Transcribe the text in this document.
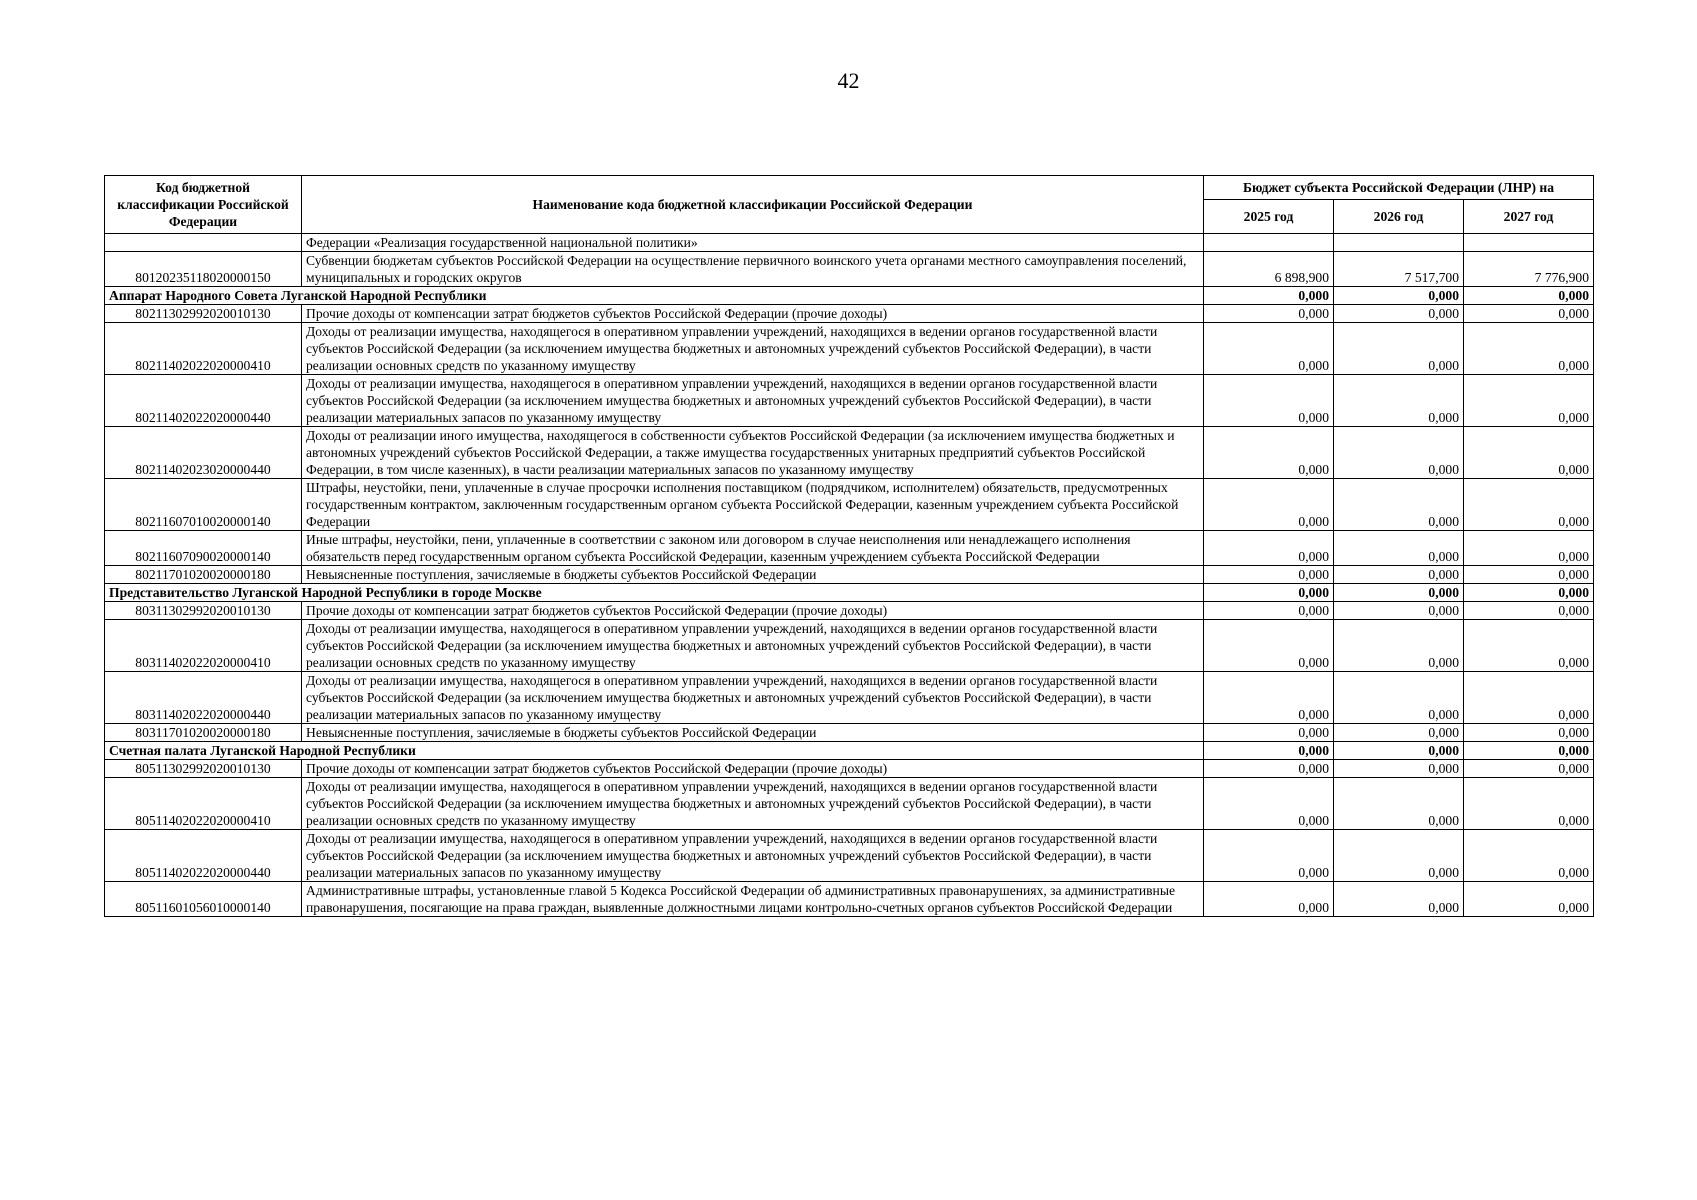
42
Код бюджетной классификации Российской Федерации	Наименование кода бюджетной классификации Российской Федерации	Бюджет субъекта Российской Федерации (ЛНР) на		
		2025 год	2026 год	2027 год
	Федерации «Реализация государственной национальной политики»			
80120235118020000150	Субвенции бюджетам субъектов Российской Федерации на осуществление первичного воинского учета органами местного самоуправления поселений, муниципальных и городских округов	6 898,900	7 517,700	7 776,900
Аппарат Народного Совета Луганской Народной Республики		0,000	0,000	0,000
80211302992020010130	Прочие доходы от компенсации затрат бюджетов субъектов Российской Федерации (прочие доходы)	0,000	0,000	0,000
80211402022020000410	Доходы от реализации имущества, находящегося в оперативном управлении учреждений, находящихся в ведении органов государственной власти субъектов Российской Федерации (за исключением имущества бюджетных и автономных учреждений субъектов Российской Федерации), в части реализации основных средств по указанному имуществу	0,000	0,000	0,000
80211402022020000440	Доходы от реализации имущества, находящегося в оперативном управлении учреждений, находящихся в ведении органов государственной власти субъектов Российской Федерации (за исключением имущества бюджетных и автономных учреждений субъектов Российской Федерации), в части реализации материальных запасов по указанному имуществу	0,000	0,000	0,000
80211402023020000440	Доходы от реализации иного имущества, находящегося в собственности субъектов Российской Федерации (за исключением имущества бюджетных и автономных учреждений субъектов Российской Федерации, а также имущества государственных унитарных предприятий субъектов Российской Федерации, в том числе казенных), в части реализации материальных запасов по указанному имуществу	0,000	0,000	0,000
80211607010020000140	Штрафы, неустойки, пени, уплаченные в случае просрочки исполнения поставщиком (подрядчиком, исполнителем) обязательств, предусмотренных государственным контрактом, заключенным государственным органом субъекта Российской Федерации, казенным учреждением субъекта Российской Федерации	0,000	0,000	0,000
80211607090020000140	Иные штрафы, неустойки, пени, уплаченные в соответствии с законом или договором в случае неисполнения или ненадлежащего исполнения обязательств перед государственным органом субъекта Российской Федерации, казенным учреждением субъекта Российской Федерации	0,000	0,000	0,000
80211701020020000180	Невыясненные поступления, зачисляемые в бюджеты субъектов Российской Федерации	0,000	0,000	0,000
Представительство Луганской Народной Республики в городе Москве		0,000	0,000	0,000
80311302992020010130	Прочие доходы от компенсации затрат бюджетов субъектов Российской Федерации (прочие доходы)	0,000	0,000	0,000
80311402022020000410	Доходы от реализации имущества, находящегося в оперативном управлении учреждений, находящихся в ведении органов государственной власти субъектов Российской Федерации (за исключением имущества бюджетных и автономных учреждений субъектов Российской Федерации), в части реализации основных средств по указанному имуществу	0,000	0,000	0,000
80311402022020000440	Доходы от реализации имущества, находящегося в оперативном управлении учреждений, находящихся в ведении органов государственной власти субъектов Российской Федерации (за исключением имущества бюджетных и автономных учреждений субъектов Российской Федерации), в части реализации материальных запасов по указанному имуществу	0,000	0,000	0,000
80311701020020000180	Невыясненные поступления, зачисляемые в бюджеты субъектов Российской Федерации	0,000	0,000	0,000
Счетная палата Луганской Народной Республики		0,000	0,000	0,000
80511302992020010130	Прочие доходы от компенсации затрат бюджетов субъектов Российской Федерации (прочие доходы)	0,000	0,000	0,000
80511402022020000410	Доходы от реализации имущества, находящегося в оперативном управлении учреждений, находящихся в ведении органов государственной власти субъектов Российской Федерации (за исключением имущества бюджетных и автономных учреждений субъектов Российской Федерации), в части реализации основных средств по указанному имуществу	0,000	0,000	0,000
80511402022020000440	Доходы от реализации имущества, находящегося в оперативном управлении учреждений, находящихся в ведении органов государственной власти субъектов Российской Федерации (за исключением имущества бюджетных и автономных учреждений субъектов Российской Федерации), в части реализации материальных запасов по указанному имуществу	0,000	0,000	0,000
80511601056010000140	Административные штрафы, установленные главой 5 Кодекса Российской Федерации об административных правонарушениях, за административные правонарушения, посягающие на права граждан, выявленные должностными лицами контрольно-счетных органов субъектов Российской Федерации	0,000	0,000	0,000
